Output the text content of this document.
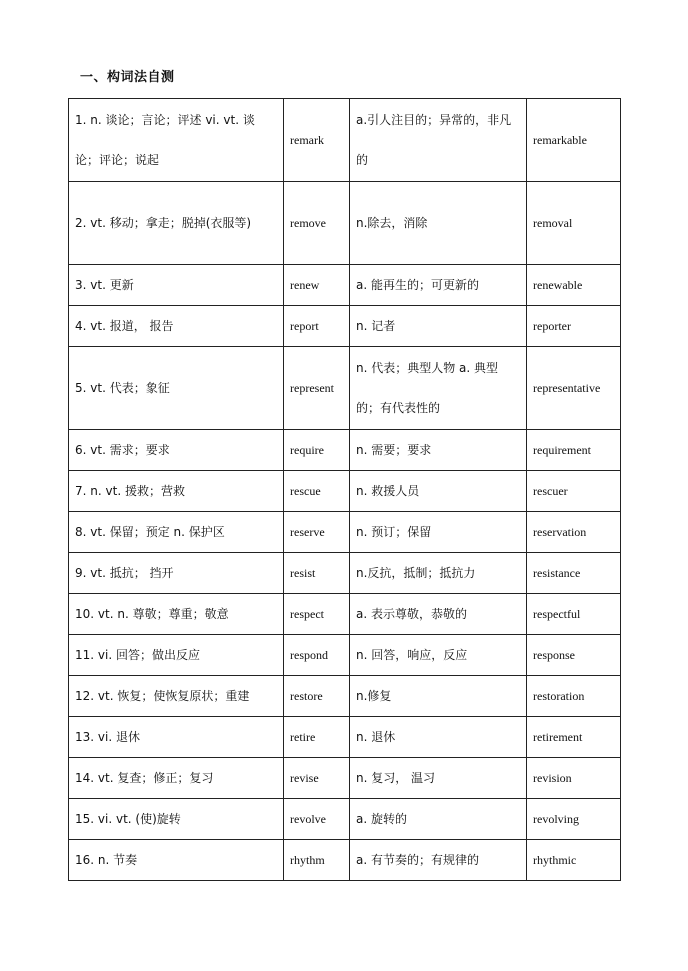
一、构词法自测
1. n. 谈论；言论；评述 vi. vt. 谈论；评论；说起	remark	a.引人注目的；异常的，非凡的	remarkable
2. vt. 移动；拿走；脱掉(衣服等)	remove	n.除去，消除	removal
3. vt. 更新	renew	a. 能再生的；可更新的	renewable
4. vt. 报道， 报告	report	n. 记者	reporter
5. vt. 代表；象征	represent	n. 代表；典型人物 a. 典型的；有代表性的	representative
6. vt. 需求；要求	require	n. 需要；要求	requirement
7. n. vt. 援救；营救	rescue	n. 救援人员	rescuer
8. vt. 保留；预定 n. 保护区	reserve	n. 预订；保留	reservation
9. vt. 抵抗； 挡开	resist	n.反抗，抵制；抵抗力	resistance
10. vt. n. 尊敬；尊重；敬意	respect	a. 表示尊敬，恭敬的	respectful
11. vi. 回答；做出反应	respond	n. 回答，响应，反应	response
12. vt. 恢复；使恢复原状；重建	restore	n.修复	restoration
13. vi. 退休	retire	n. 退休	retirement
14. vt. 复查；修正；复习	revise	n. 复习， 温习	revision
15. vi. vt. (使)旋转	revolve	a. 旋转的	revolving
16. n. 节奏	rhythm	a. 有节奏的；有规律的	rhythmic
